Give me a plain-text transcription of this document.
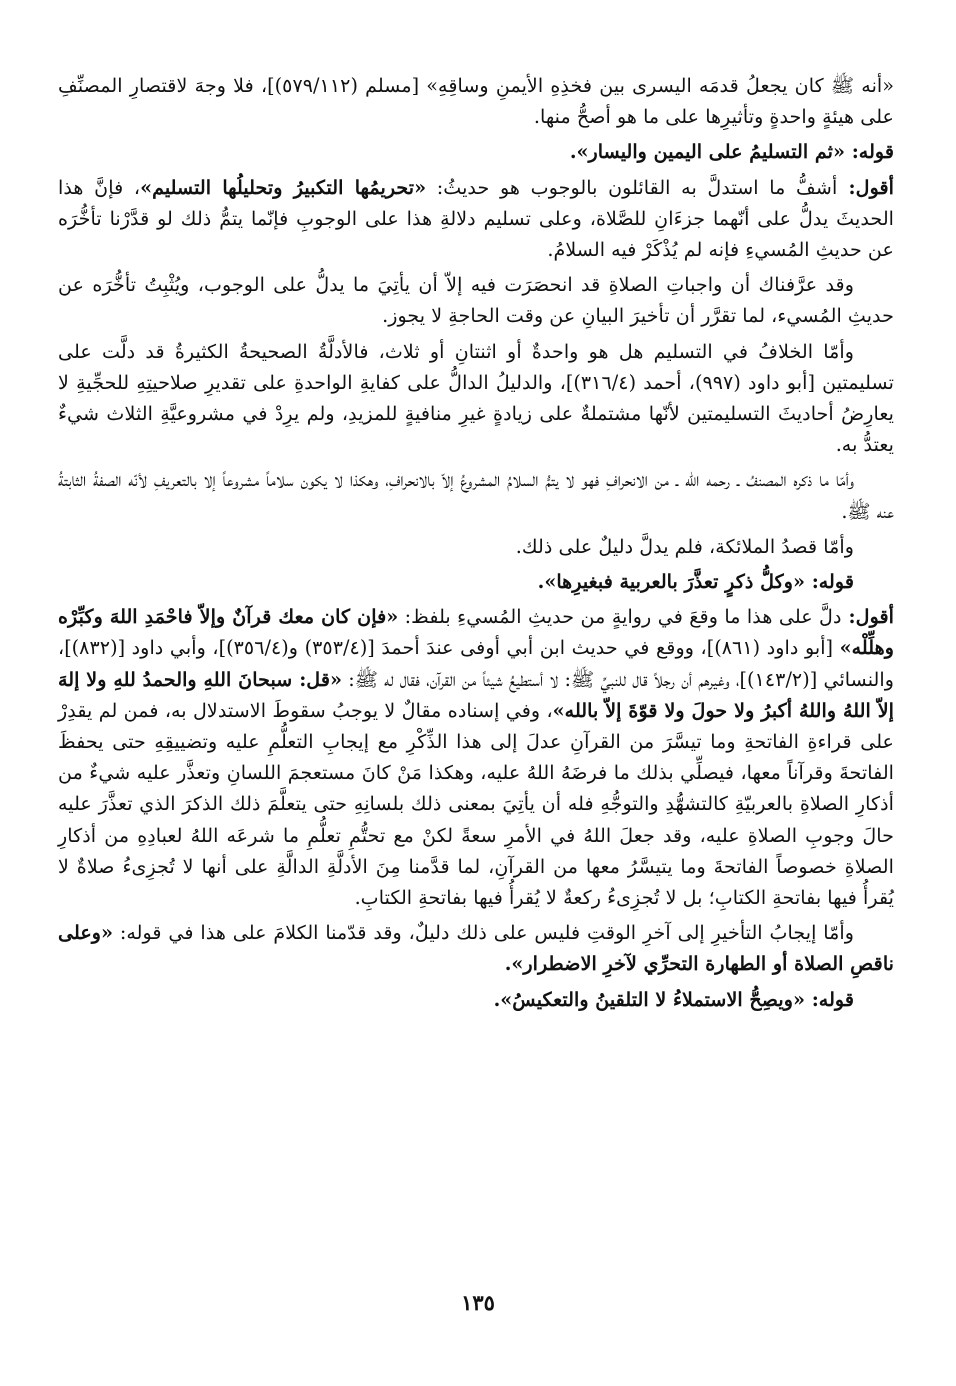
«أنه ﷺ كان يجعلُ قدمَه اليسرى بين فخذِهِ الأيمنِ وساقِهِ» [مسلم (٥٧٩/١١٢)]، فلا وجهَ لاقتصارِ المصنِّفِ على هيئةٍ واحدةٍ وتأثيرِها على ما هو أصحُّ منها.

قوله: «ثم التسليمُ على اليمين واليسار».

أقول: أشفُّ ما استدلَّ به القائلون بالوجوب هو حديثُ: «تحريمُها التكبيرُ وتحليلُها التسليم»، فإنَّ هذا الحديثَ يدلُّ على أنّهما جزءَانِ للصَّلاة، وعلى تسليم دلالةِ هذا على الوجوبِ فإنّما يتمُّ ذلك لو قدَّرْنا تأخُّرَه عن حديثِ المُسيءِ فإنه لم يُذْكَرْ فيه السلامُ.

وقد عرَّفناك أن واجباتِ الصلاةِ قد انحصَرَت فيه إلاّ أن يأتِيَ ما يدلُّ على الوجوب، ويُثْبِتُ تأخُّرَه عن حديثِ المُسيء، لما تقرَّر أن تأخيرَ البيانِ عن وقت الحاجةِ لا يجوز.

وأمّا الخلافُ في التسليم هل هو واحدةٌ أو اثنتانِ أو ثلاث، فالأدلَّةُ الصحيحةُ الكثيرةُ قد دلَّت على تسليمتين [أبو داود (٩٩٧)، أحمد (٣١٦/٤)]، والدليلُ الدالُّ على كفايةِ الواحدةِ على تقديرِ صلاحيتِهِ للحجِّيةِ لا يعارِضُ أحاديثَ التسليمتين لأنّها مشتملةٌ على زيادةٍ غيرِ منافيةٍ للمزيدِ، ولم يرِدْ في مشروعيَّةِ الثلاث شيءٌ يعتدُّ به.

وأمّا ما ذكره المصنفُ ـ رحمه الله ـ من الانحرافِ فهو لا يتمُّ السلامُ المشروعُ إلاّ بالانحرافِ، وهكذا لا يكون سلاماً مشروعاً إلا بالتعريفِ لأنّه الصفةُ الثابتةُ عنه ﷺ.

وأمّا قصدُ الملائكة، فلم يدلَّ دليلٌ على ذلك.

قوله: «وكلُّ ذكرٍ تعذَّرَ بالعربية فبغيرِها».

أقول: دلَّ على هذا ما وقعَ في روايةٍ من حديثِ المُسيءِ بلفظ: «فإن كان معك قرآنٌ وإلاّ فاحْمَدِ اللهَ وكبِّرْه وهلِّلْه» [أبو داود (٨٦١)]، ووقع في حديث ابن أبي أوفى عندَ أحمدَ [(٣٥٣/٤) و(٣٥٦/٤)]، وأبي داود [(٨٣٢)]، والنسائي [(١٤٣/٢)]، وغيرهم أن رجلاً قال للنبيِّ ﷺ: لا أستطيعُ شيئاً من القرآن، فقال له ﷺ: «قل: سبحانَ اللهِ والحمدُ للهِ ولا إلهَ إلاّ اللهُ واللهُ أكبرُ ولا حولَ ولا قوّةَ إلاّ بالله»، وفي إسناده مقالٌ لا يوجبُ سقوطَ الاستدلال به، فمن لم يقدِرْ على قراءةِ الفاتحةِ وما تيسَّرَ من القرآنِ عدلَ إلى هذا الذِّكْرِ مع إيجابِ التعلُّمِ عليه وتضييقِهِ حتى يحفظَ الفاتحةَ وقرآناً معها، فيصلِّي بذلك ما فرضَهُ اللهُ عليه، وهكذا مَنْ كانَ مستعجمَ اللسانِ وتعذَّر عليه شيءٌ من أذكارِ الصلاةِ بالعربيّةِ كالتشهُّدِ والتوجُّهِ فله أن يأتِيَ بمعنى ذلك بلسانِهِ حتى يتعلَّمَ ذلك الذكرَ الذي تعذَّرَ عليه حالَ وجوبِ الصلاةِ عليه، وقد جعلَ اللهُ في الأمرِ سعةً لكنْ مع تحتُّمِ تعلُّمِ ما شرعَه اللهُ لعبادِهِ من أذكارِ الصلاةِ خصوصاً الفاتحةَ وما يتيسَّرُ معها من القرآنِ، لما قدَّمنا مِنَ الأدلَّةِ الدالَّةِ على أنها لا تُجزِىءُ صلاةٌ لا يُقرأُ فيها بفاتحةِ الكتابِ؛ بل لا تُجزِىءُ ركعةٌ لا يُقرأُ فيها بفاتحةِ الكتابِ.

وأمّا إيجابُ التأخيرِ إلى آخرِ الوقتِ فليس على ذلك دليلٌ، وقد قدّمنا الكلامَ على هذا في قوله: «وعلى ناقصِ الصلاة أو الطهارة التحرِّي لآخرِ الاضطرار».

قوله: «ويصِحُّ الاستملاءُ لا التلقينُ والتعكيسُ».

١٣٥
